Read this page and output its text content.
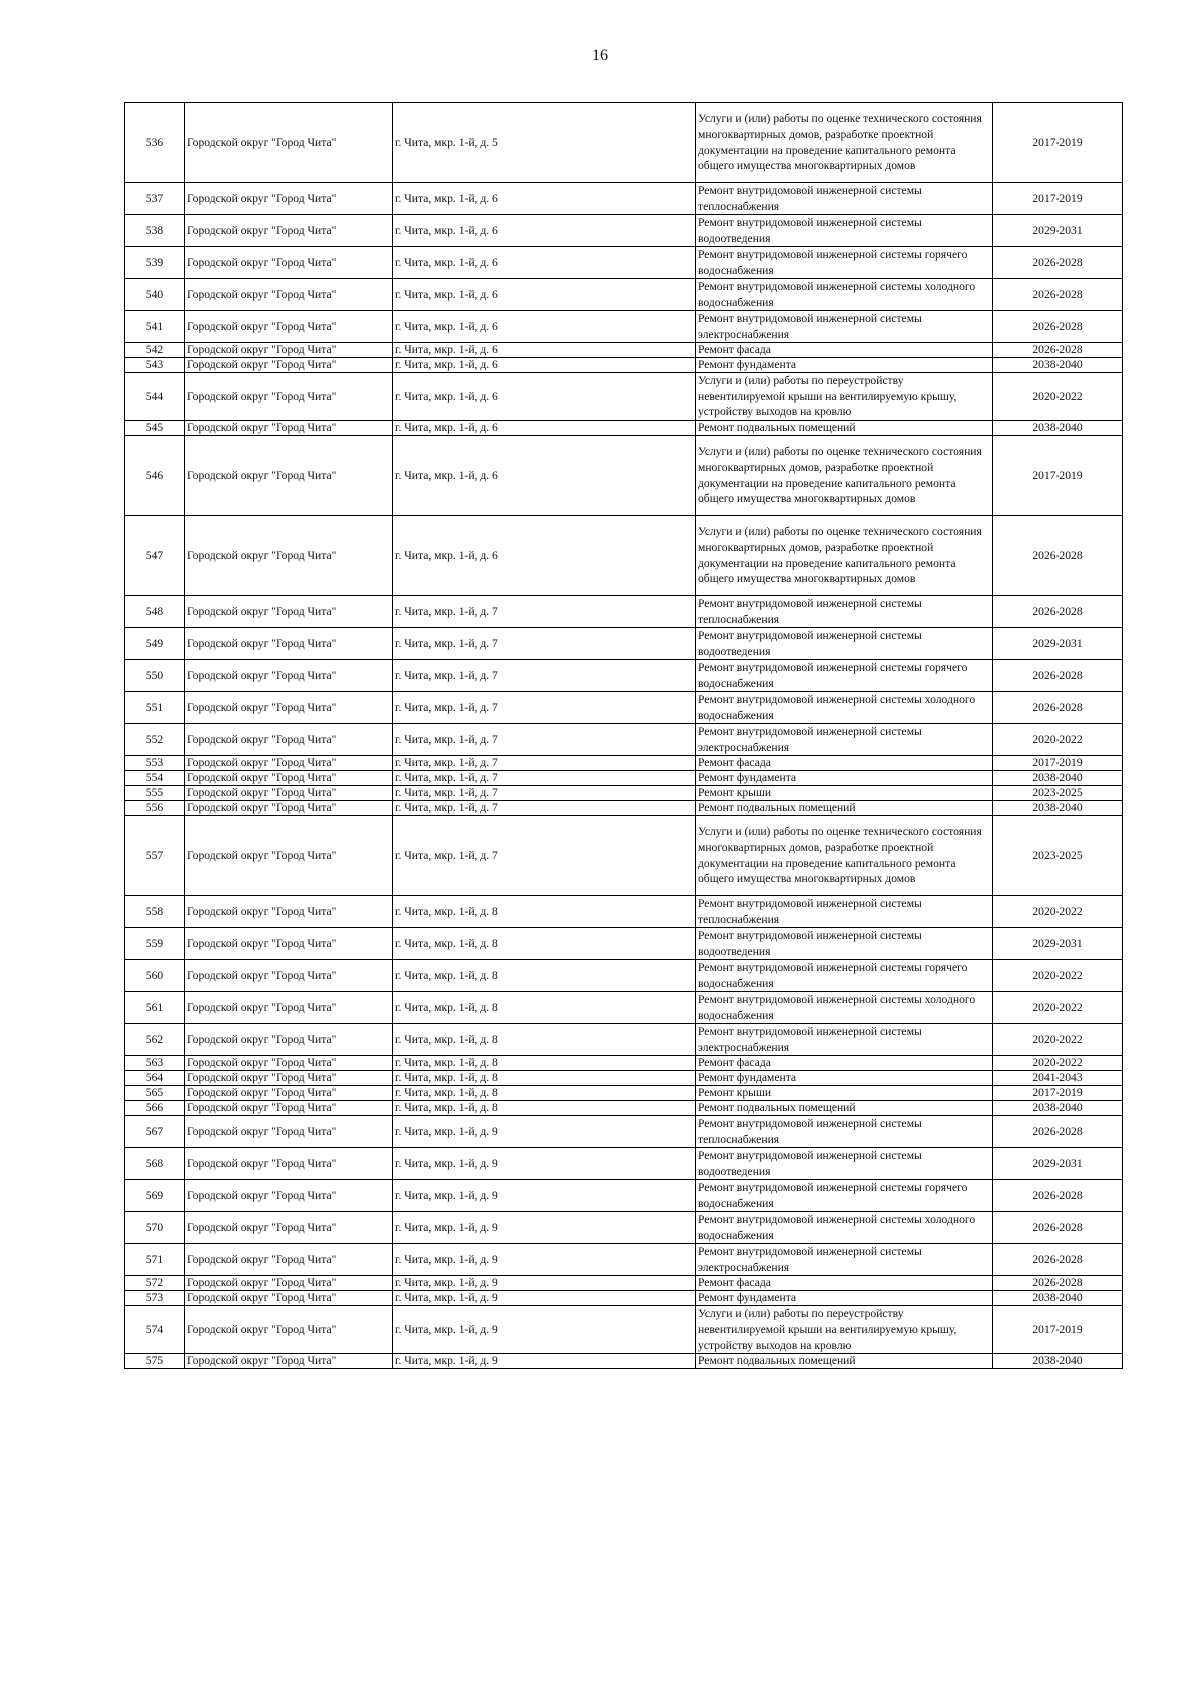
16
536	Городской округ "Город Чита"	г. Чита, мкр. 1-й, д. 5	Услуги и (или) работы по оценке технического состояния многоквартирных домов, разработке проектной документации на проведение капитального ремонта общего имущества многоквартирных домов	2017-2019
537	Городской округ "Город Чита"	г. Чита, мкр. 1-й, д. 6	Ремонт внутридомовой инженерной системы теплоснабжения	2017-2019
538	Городской округ "Город Чита"	г. Чита, мкр. 1-й, д. 6	Ремонт внутридомовой инженерной системы водоотведения	2029-2031
539	Городской округ "Город Чита"	г. Чита, мкр. 1-й, д. 6	Ремонт внутридомовой инженерной системы горячего водоснабжения	2026-2028
540	Городской округ "Город Чита"	г. Чита, мкр. 1-й, д. 6	Ремонт внутридомовой инженерной системы холодного водоснабжения	2026-2028
541	Городской округ "Город Чита"	г. Чита, мкр. 1-й, д. 6	Ремонт внутридомовой инженерной системы электроснабжения	2026-2028
542	Городской округ "Город Чита"	г. Чита, мкр. 1-й, д. 6	Ремонт фасада	2026-2028
543	Городской округ "Город Чита"	г. Чита, мкр. 1-й, д. 6	Ремонт фундамента	2038-2040
544	Городской округ "Город Чита"	г. Чита, мкр. 1-й, д. 6	Услуги и (или) работы по переустройству невентилируемой крыши на вентилируемую крышу, устройству выходов на кровлю	2020-2022
545	Городской округ "Город Чита"	г. Чита, мкр. 1-й, д. 6	Ремонт подвальных помещений	2038-2040
546	Городской округ "Город Чита"	г. Чита, мкр. 1-й, д. 6	Услуги и (или) работы по оценке технического состояния многоквартирных домов, разработке проектной документации на проведение капитального ремонта общего имущества многоквартирных домов	2017-2019
547	Городской округ "Город Чита"	г. Чита, мкр. 1-й, д. 6	Услуги и (или) работы по оценке технического состояния многоквартирных домов, разработке проектной документации на проведение капитального ремонта общего имущества многоквартирных домов	2026-2028
548	Городской округ "Город Чита"	г. Чита, мкр. 1-й, д. 7	Ремонт внутридомовой инженерной системы теплоснабжения	2026-2028
549	Городской округ "Город Чита"	г. Чита, мкр. 1-й, д. 7	Ремонт внутридомовой инженерной системы водоотведения	2029-2031
550	Городской округ "Город Чита"	г. Чита, мкр. 1-й, д. 7	Ремонт внутридомовой инженерной системы горячего водоснабжения	2026-2028
551	Городской округ "Город Чита"	г. Чита, мкр. 1-й, д. 7	Ремонт внутридомовой инженерной системы холодного водоснабжения	2026-2028
552	Городской округ "Город Чита"	г. Чита, мкр. 1-й, д. 7	Ремонт внутридомовой инженерной системы электроснабжения	2020-2022
553	Городской округ "Город Чита"	г. Чита, мкр. 1-й, д. 7	Ремонт фасада	2017-2019
554	Городской округ "Город Чита"	г. Чита, мкр. 1-й, д. 7	Ремонт фундамента	2038-2040
555	Городской округ "Город Чита"	г. Чита, мкр. 1-й, д. 7	Ремонт крыши	2023-2025
556	Городской округ "Город Чита"	г. Чита, мкр. 1-й, д. 7	Ремонт подвальных помещений	2038-2040
557	Городской округ "Город Чита"	г. Чита, мкр. 1-й, д. 7	Услуги и (или) работы по оценке технического состояния многоквартирных домов, разработке проектной документации на проведение капитального ремонта общего имущества многоквартирных домов	2023-2025
558	Городской округ "Город Чита"	г. Чита, мкр. 1-й, д. 8	Ремонт внутридомовой инженерной системы теплоснабжения	2020-2022
559	Городской округ "Город Чита"	г. Чита, мкр. 1-й, д. 8	Ремонт внутридомовой инженерной системы водоотведения	2029-2031
560	Городской округ "Город Чита"	г. Чита, мкр. 1-й, д. 8	Ремонт внутридомовой инженерной системы горячего водоснабжения	2020-2022
561	Городской округ "Город Чита"	г. Чита, мкр. 1-й, д. 8	Ремонт внутридомовой инженерной системы холодного водоснабжения	2020-2022
562	Городской округ "Город Чита"	г. Чита, мкр. 1-й, д. 8	Ремонт внутридомовой инженерной системы электроснабжения	2020-2022
563	Городской округ "Город Чита"	г. Чита, мкр. 1-й, д. 8	Ремонт фасада	2020-2022
564	Городской округ "Город Чита"	г. Чита, мкр. 1-й, д. 8	Ремонт фундамента	2041-2043
565	Городской округ "Город Чита"	г. Чита, мкр. 1-й, д. 8	Ремонт крыши	2017-2019
566	Городской округ "Город Чита"	г. Чита, мкр. 1-й, д. 8	Ремонт подвальных помещений	2038-2040
567	Городской округ "Город Чита"	г. Чита, мкр. 1-й, д. 9	Ремонт внутридомовой инженерной системы теплоснабжения	2026-2028
568	Городской округ "Город Чита"	г. Чита, мкр. 1-й, д. 9	Ремонт внутридомовой инженерной системы водоотведения	2029-2031
569	Городской округ "Город Чита"	г. Чита, мкр. 1-й, д. 9	Ремонт внутридомовой инженерной системы горячего водоснабжения	2026-2028
570	Городской округ "Город Чита"	г. Чита, мкр. 1-й, д. 9	Ремонт внутридомовой инженерной системы холодного водоснабжения	2026-2028
571	Городской округ "Город Чита"	г. Чита, мкр. 1-й, д. 9	Ремонт внутридомовой инженерной системы электроснабжения	2026-2028
572	Городской округ "Город Чита"	г. Чита, мкр. 1-й, д. 9	Ремонт фасада	2026-2028
573	Городской округ "Город Чита"	г. Чита, мкр. 1-й, д. 9	Ремонт фундамента	2038-2040
574	Городской округ "Город Чита"	г. Чита, мкр. 1-й, д. 9	Услуги и (или) работы по переустройству невентилируемой крыши на вентилируемую крышу, устройству выходов на кровлю	2017-2019
575	Городской округ "Город Чита"	г. Чита, мкр. 1-й, д. 9	Ремонт подвальных помещений	2038-2040
